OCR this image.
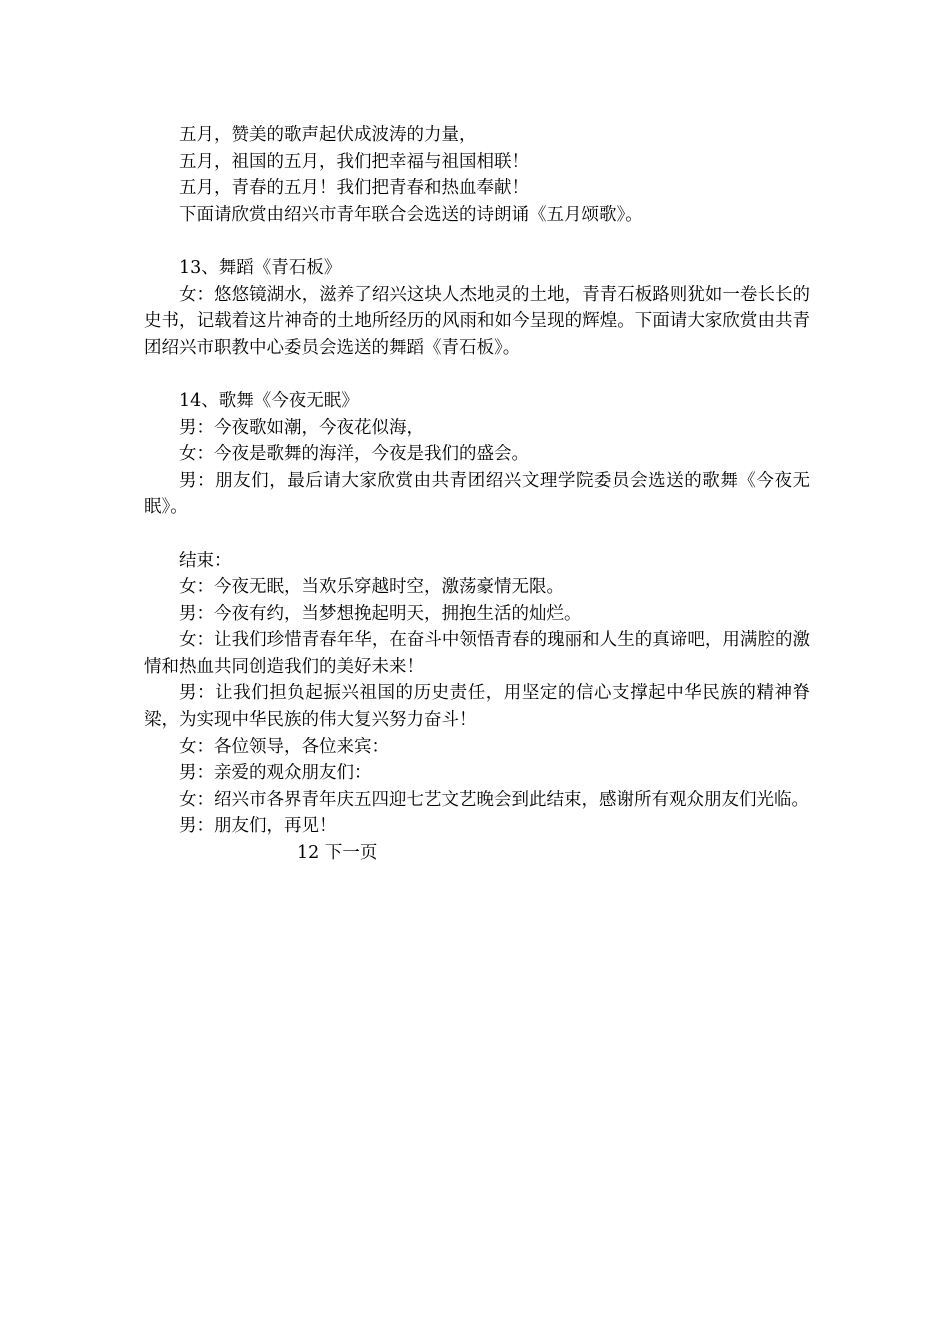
五月，赞美的歌声起伏成波涛的力量，

五月，祖国的五月，我们把幸福与祖国相联！

五月，青春的五月！我们把青春和热血奉献！

下面请欣赏由绍兴市青年联合会选送的诗朗诵《五月颂歌》。

13、舞蹈《青石板》

女：悠悠镜湖水，滋养了绍兴这块人杰地灵的土地，青青石板路则犹如一卷长长的史书，记载着这片神奇的土地所经历的风雨和如今呈现的辉煌。下面请大家欣赏由共青团绍兴市职教中心委员会选送的舞蹈《青石板》。

14、歌舞《今夜无眠》

男：今夜歌如潮，今夜花似海，

女：今夜是歌舞的海洋，今夜是我们的盛会。

男：朋友们，最后请大家欣赏由共青团绍兴文理学院委员会选送的歌舞《今夜无眠》。

结束：

女：今夜无眠，当欢乐穿越时空，激荡豪情无限。

男：今夜有约，当梦想挽起明天，拥抱生活的灿烂。

女：让我们珍惜青春年华，在奋斗中领悟青春的瑰丽和人生的真谛吧，用满腔的激情和热血共同创造我们的美好未来！

男：让我们担负起振兴祖国的历史责任，用坚定的信心支撑起中华民族的精神脊梁，为实现中华民族的伟大复兴努力奋斗！

女：各位领导，各位来宾：

男：亲爱的观众朋友们：

女：绍兴市各界青年庆五四迎七艺文艺晚会到此结束，感谢所有观众朋友们光临。

男：朋友们，再见！

12 下一页
